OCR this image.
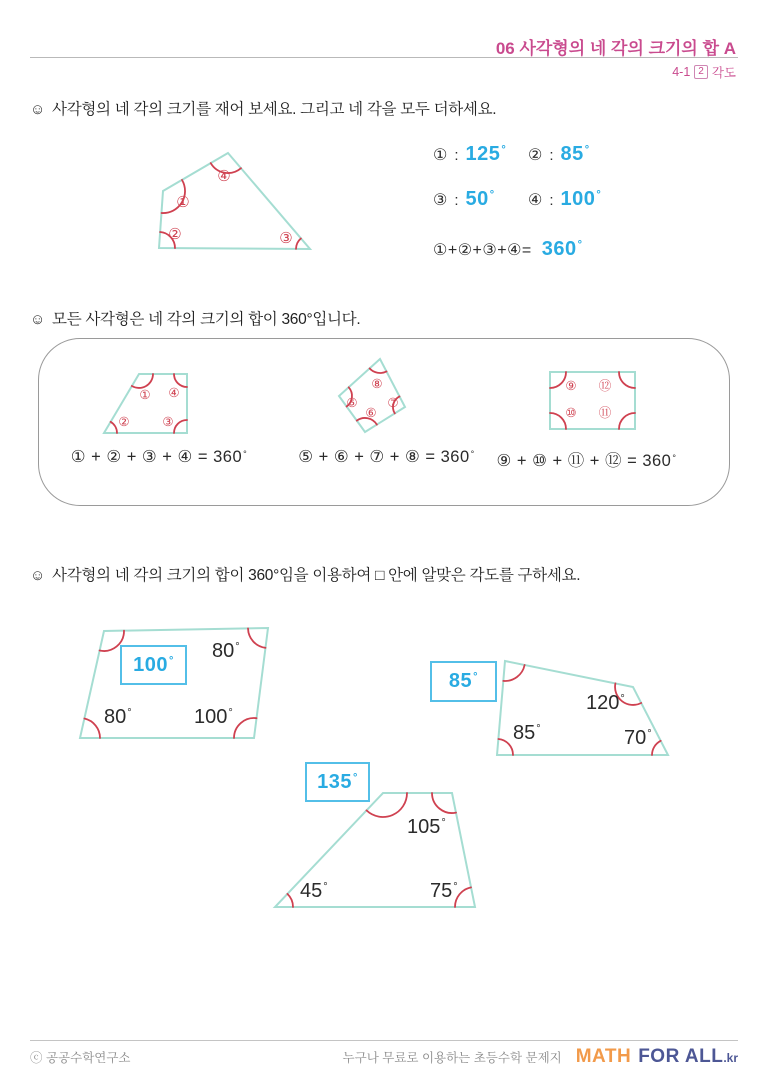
06 사각형의 네 각의 크기의 합 A
4-1 2 각도
☺ 사각형의 네 각의 크기를 재어 보세요. 그리고 네 각을 모두 더하세요.
①
②	③
④
① : 125° ② : 85°
③ : 50° ④ : 100°
①+②+③+④= 360°
☺ 모든 사각형은 네 각의 크기의 합이 360°입니다.
① ④
②	③
① + ② + ③ + ④ = 360°
⑧
⑤
⑥
⑦
⑤ + ⑥ + ⑦ + ⑧ = 360°
⑨ ⑫
⑩ ⑪
⑨ + ⑩ + ⑪ + ⑫ = 360°
☺ 사각형의 네 각의 크기의 합이 360°임을 이용하여 □ 안에 알맞은 각도를 구하세요.
100° 80°
80°	100°
85°
120°
85°	70°
135°
105°
45°	75°
ⓒ 공공수학연구소	누구나 무료로 이용하는 초등수학 문제지 MATH FOR ALL .kr
